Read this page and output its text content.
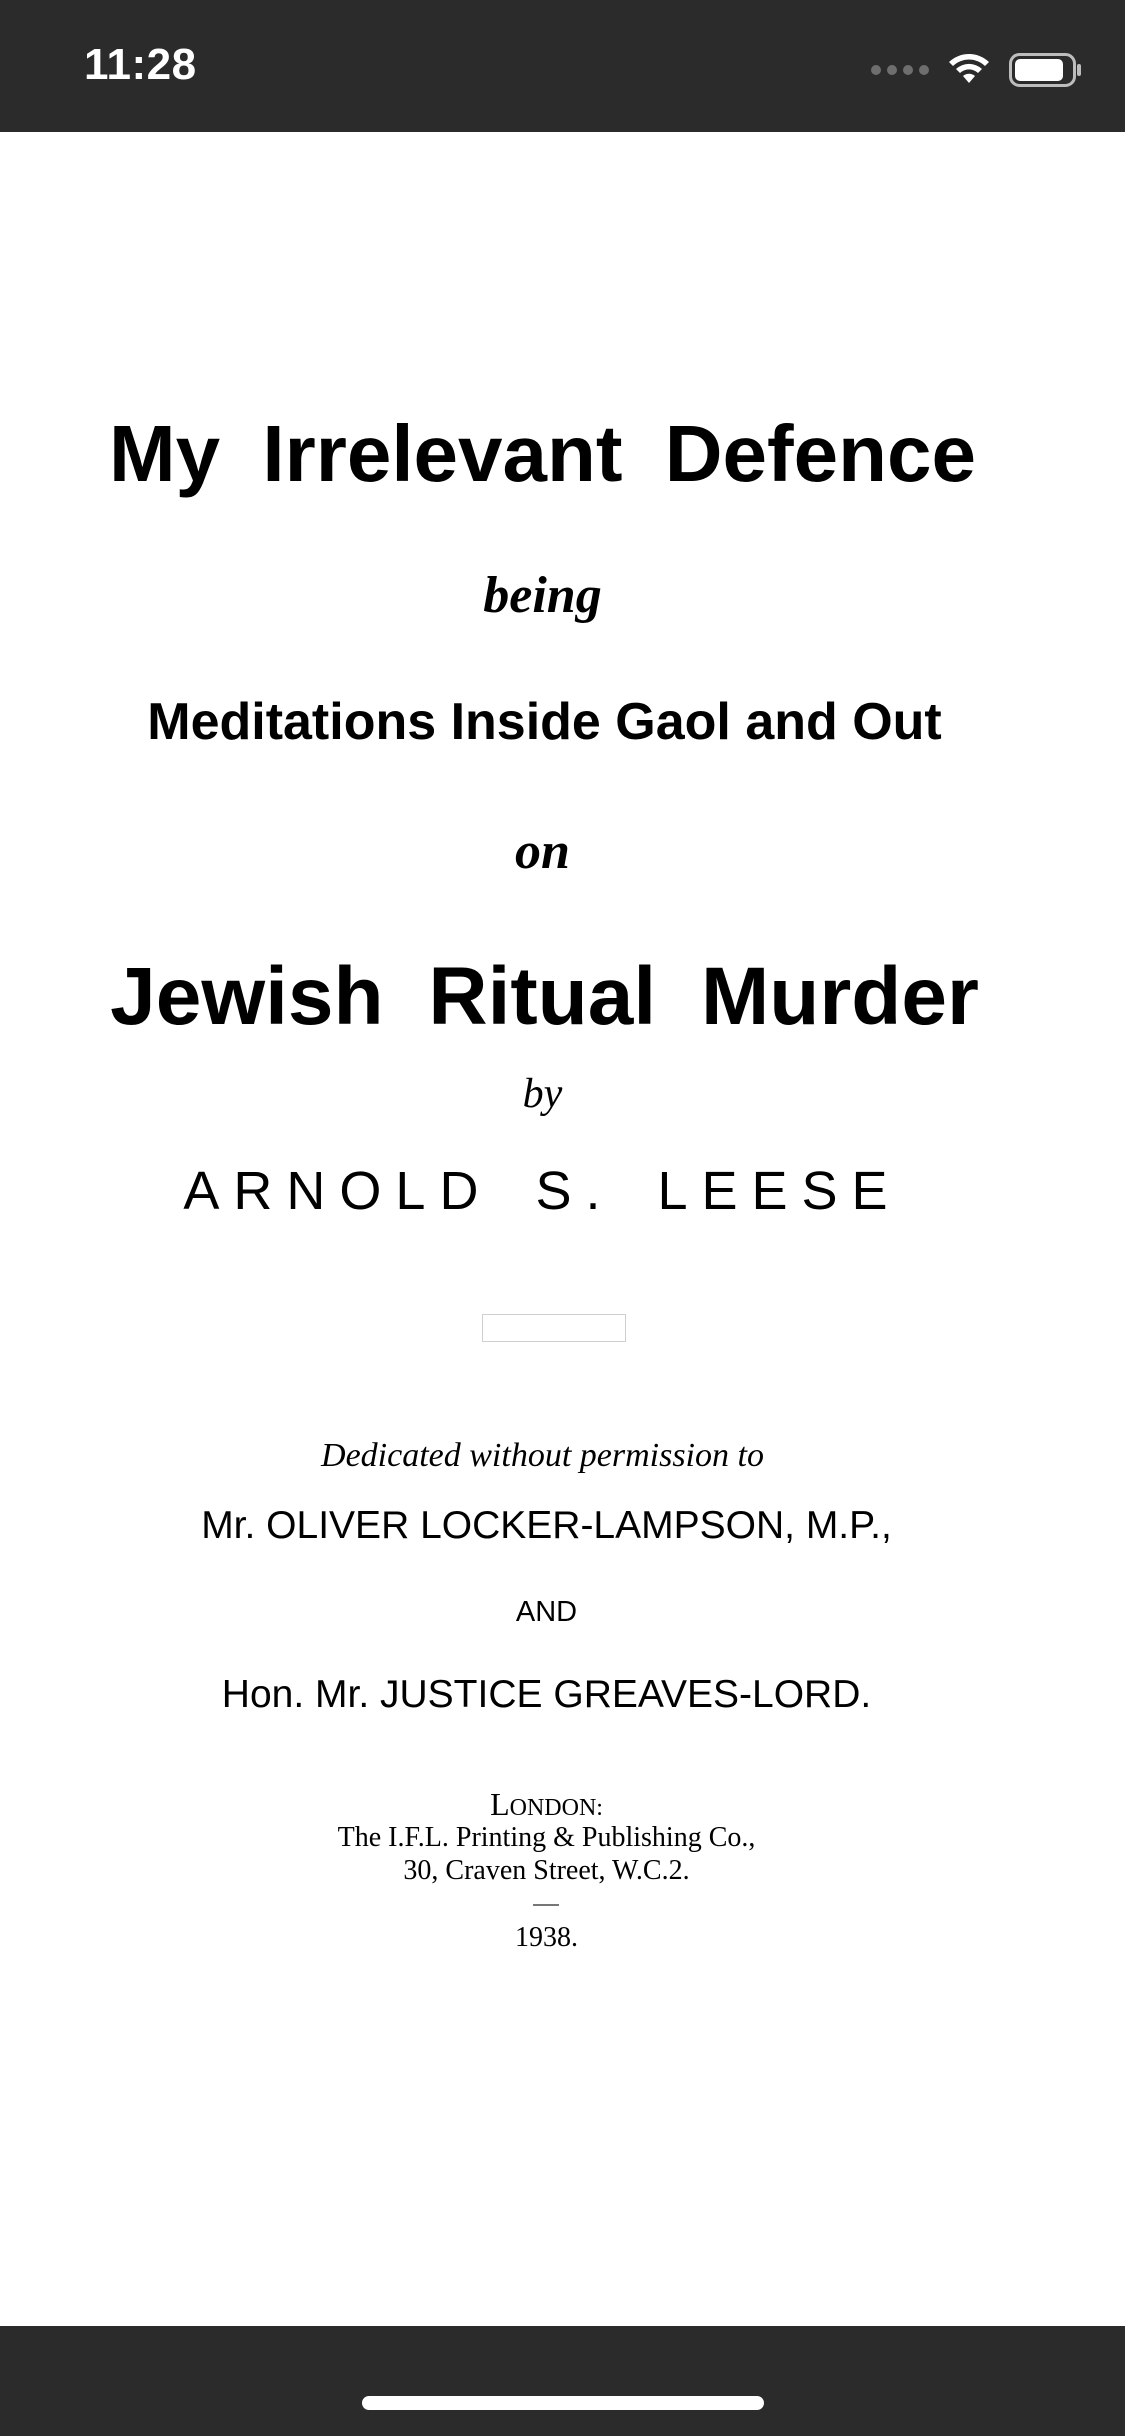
11:28
My Irrelevant Defence
being
Meditations Inside Gaol and Out
on
Jewish Ritual Murder
by
ARNOLD S. LEESE
Dedicated without permission to
Mr. OLIVER LOCKER-LAMPSON, M.P.,
AND
Hon. Mr. JUSTICE GREAVES-LORD.
LONDON:
The I.F.L. Printing & Publishing Co.,
30, Craven Street, W.C.2.
1938.
